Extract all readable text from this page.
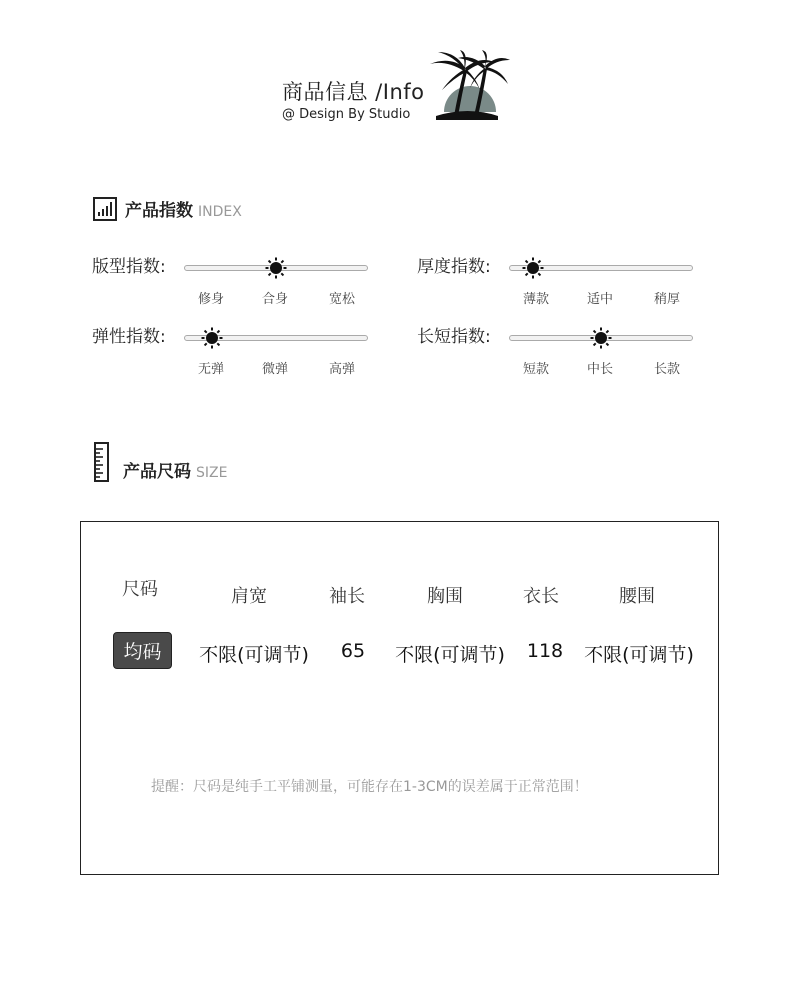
商品信息 /Info
@ Design By Studio
产品指数 INDEX
版型指数:
修身	合身	宽松
厚度指数:
薄款	适中	稍厚
弹性指数:
无弹	微弹	高弹
长短指数:
短款	中长	长款
产品尺码 SIZE
尺码	肩宽	袖长	胸围	衣长	腰围
均码	不限(可调节) 65 不限(可调节) 118 不限(可调节)
提醒：尺码是纯手工平铺测量，可能存在1-3CM的误差属于正常范围！
